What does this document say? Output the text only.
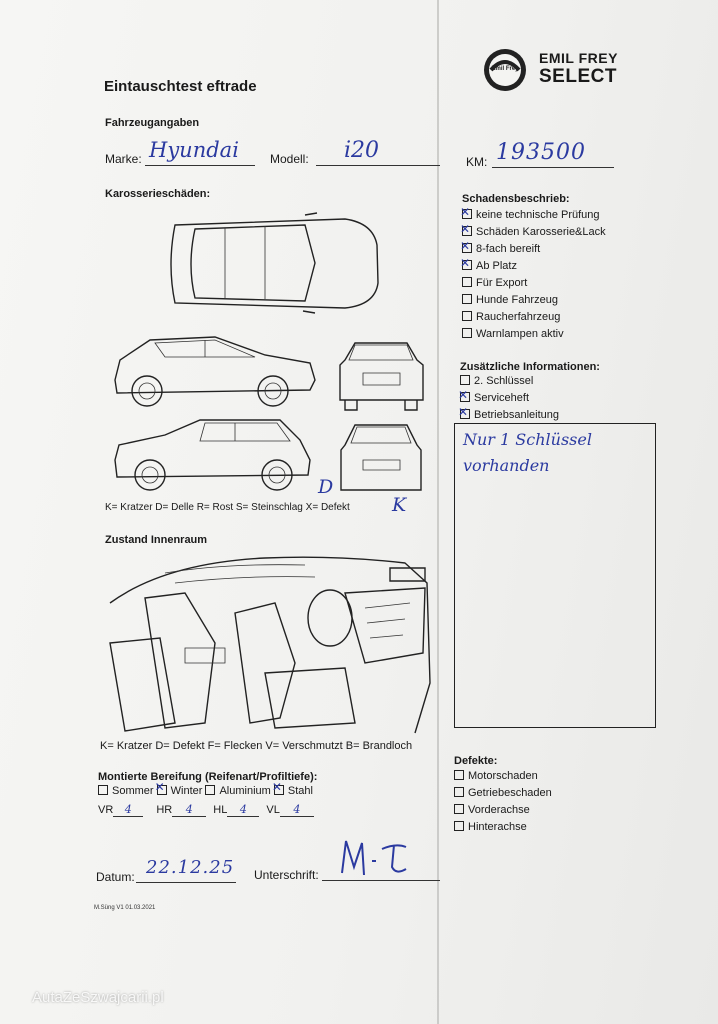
Eintauschtest eftrade
Emil Frey
EMIL FREY
SELECT
Fahrzeugangaben
Marke: Hyundai	Modell: i20	KM: 193500
Karosserieschäden:
D
K
K= Kratzer D= Delle R= Rost S= Steinschlag X= Defekt
Schadensbeschrieb:
✕keine technische Prüfung
✕Schäden Karosserie&Lack
✕8-fach bereift
✕Ab Platz
Für Export
Hunde Fahrzeug
Raucherfahrzeug
Warnlampen aktiv
Zusätzliche Informationen:
2. Schlüssel
✕Serviceheft
✕Betriebsanleitung
Nur 1 Schlüssel
vorhanden
Zustand Innenraum
K= Kratzer D= Defekt F= Flecken V= Verschmutzt B= Brandloch
Montierte Bereifung (Reifenart/Profiltiefe):
Sommer ✕ Winter Aluminium ✕ Stahl
VR 4 HR 4 HL 4 VL 4
Defekte:
Motorschaden
Getriebeschaden
Vorderachse
Hinterachse
Datum: 22.12.25 Unterschrift:
M.Süng V1 01.03.2021
AutaZeSzwajcarii.pl
